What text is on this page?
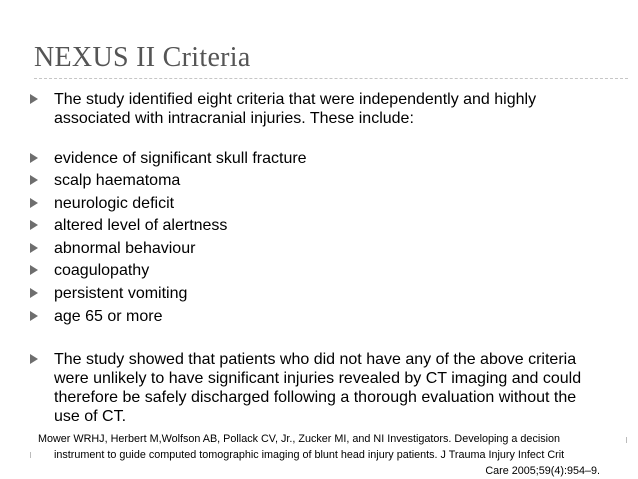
NEXUS II Criteria
The study identified eight criteria that were independently and highly
associated with intracranial injuries. These include:
evidence of significant skull fracture
scalp haematoma
neurologic deficit
altered level of alertness
abnormal behaviour
coagulopathy
persistent vomiting
age 65 or more
The study showed that patients who did not have any of the above criteria
were unlikely to have significant injuries revealed by CT imaging and could
therefore be safely discharged following a thorough evaluation without the
use of CT.
Mower WRHJ, Herbert M,Wolfson AB, Pollack CV, Jr., Zucker MI, and NI Investigators. Developing a decision
instrument to guide computed tomographic imaging of blunt head injury patients. J Trauma Injury Infect Crit
Care 2005;59(4):954–9.
